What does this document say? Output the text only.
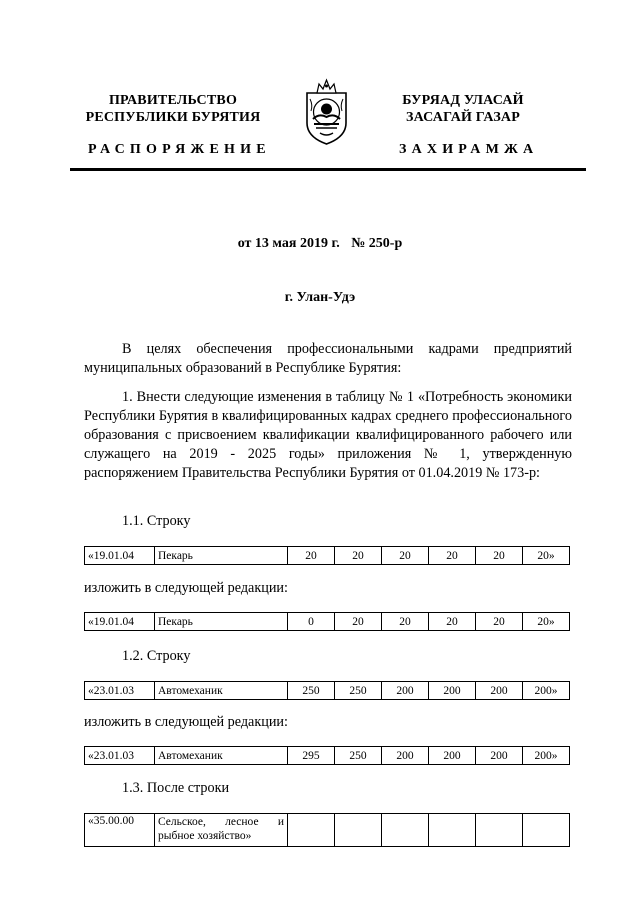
ПРАВИТЕЛЬСТВО
РЕСПУБЛИКИ БУРЯТИЯ
БУРЯАД УЛАСАЙ
ЗАСАГАЙ ГАЗАР
РАСПОРЯЖЕНИЕ	ЗАХИРАМЖА
от 13 мая 2019 г. № 250-р
г. Улан-Удэ
В целях обеспечения профессиональными кадрами предприятий муниципальных образований в Республике Бурятия:
1. Внести следующие изменения в таблицу № 1 «Потребность экономики Республики Бурятия в квалифицированных кадрах среднего профессионального образования с присвоением квалификации квалифицированного рабочего или служащего на 2019 - 2025 годы» приложения № 1, утвержденную распоряжением Правительства Республики Бурятия от 01.04.2019 № 173-р:
1.1. Строку
«19.01.04	Пекарь	20	20	20	20	20	20»
изложить в следующей редакции:
«19.01.04	Пекарь	0	20	20	20	20	20»
1.2. Строку
«23.01.03	Автомеханик	250	250	200	200	200	200»
изложить в следующей редакции:
«23.01.03	Автомеханик	295	250	200	200	200	200»
1.3. После строки
«35.00.00	Сельское, лесное и рыбное хозяйство»						
